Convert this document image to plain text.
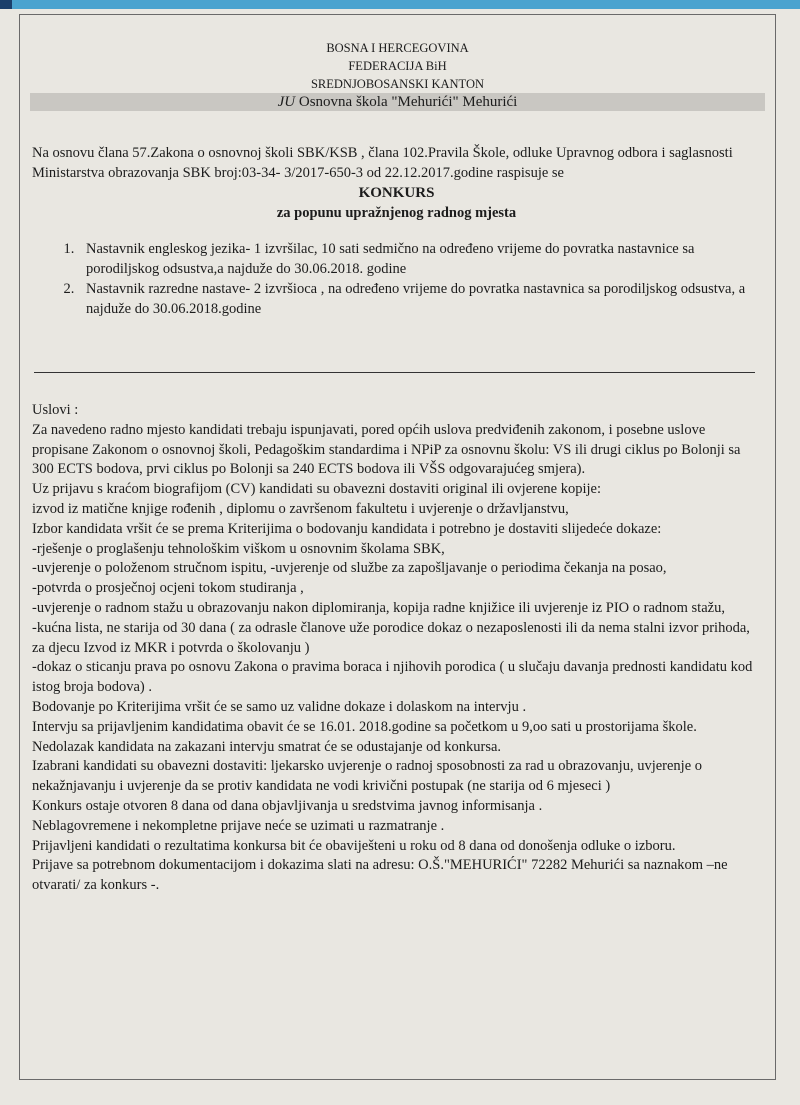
BOSNA I HERCEGOVINA
FEDERACIJA BiH
SREDNJOBOSANSKI KANTON
JU Osnovna škola "Mehurići" Mehurići

Na osnovu člana 57.Zakona o osnovnoj školi SBK/KSB , člana 102.Pravila Škole, odluke Upravnog odbora i saglasnosti Ministarstva obrazovanja SBK broj:03-34- 3/2017-650-3 od 22.12.2017.godine raspisuje se

KONKURS
za popunu upražnjenog radnog mjesta
1. Nastavnik engleskog jezika- 1 izvršilac, 10 sati sedmično na određeno vrijeme do povratka nastavnice sa porodiljskog odsustva,a najduže do 30.06.2018. godine
2. Nastavnik razredne nastave- 2 izvršioca , na određeno vrijeme do povratka nastavnica sa porodiljskog odsustva, a najduže do 30.06.2018.godine

Uslovi :

Za navedeno radno mjesto kandidati trebaju ispunjavati, pored općih uslova predviđenih zakonom, i posebne uslove propisane Zakonom o osnovnoj školi, Pedagoškim standardima i NPiP za osnovnu školu: VS ili drugi ciklus po Bolonji sa 300 ECTS bodova, prvi ciklus po Bolonji sa 240 ECTS bodova ili VŠS odgovarajućeg smjera).

Uz prijavu s kraćom biografijom (CV) kandidati su obavezni dostaviti original ili ovjerene kopije:

izvod iz matične knjige rođenih , diplomu o završenom fakultetu i uvjerenje o državljanstvu,

Izbor kandidata vršit će se prema Kriterijima o bodovanju kandidata i potrebno je dostaviti slijedeće dokaze:

-rješenje o proglašenju tehnološkim viškom u osnovnim školama SBK,

-uvjerenje o položenom stručnom ispitu, -uvjerenje od službe za zapošljavanje o periodima čekanja na posao,

-potvrda o prosječnoj ocjeni tokom studiranja ,

-uvjerenje o radnom stažu u obrazovanju nakon diplomiranja, kopija radne knjižice ili uvjerenje iz PIO o radnom stažu,

-kućna lista, ne starija od 30 dana ( za odrasle članove uže porodice dokaz o nezaposlenosti ili da nema stalni izvor prihoda, za djecu Izvod iz MKR i potvrda o školovanju )

-dokaz o sticanju prava po osnovu Zakona o pravima boraca i njihovih porodica ( u slučaju davanja prednosti kandidatu kod istog broja bodova) .

Bodovanje po Kriterijima vršit će se samo uz validne dokaze i dolaskom na intervju .

Intervju sa prijavljenim kandidatima obavit će se 16.01. 2018.godine sa početkom u 9,oo sati u prostorijama škole.

Nedolazak kandidata na zakazani intervju smatrat će se odustajanje od konkursa.

Izabrani kandidati su obavezni dostaviti: ljekarsko uvjerenje o radnoj sposobnosti za rad u obrazovanju, uvjerenje o nekažnjavanju i uvjerenje da se protiv kandidata ne vodi krivični postupak (ne starija od 6 mjeseci )

Konkurs ostaje otvoren 8 dana od dana objavljivanja u sredstvima javnog informisanja .

Neblagovremene i nekompletne prijave neće se uzimati u razmatranje .

Prijavljeni kandidati o rezultatima konkursa bit će obaviješteni u roku od 8 dana od donošenja odluke o izboru.

Prijave sa potrebnom dokumentacijom i dokazima slati na adresu: O.Š."MEHURIĆI" 72282 Mehurići sa naznakom –ne otvarati/ za konkurs -.
